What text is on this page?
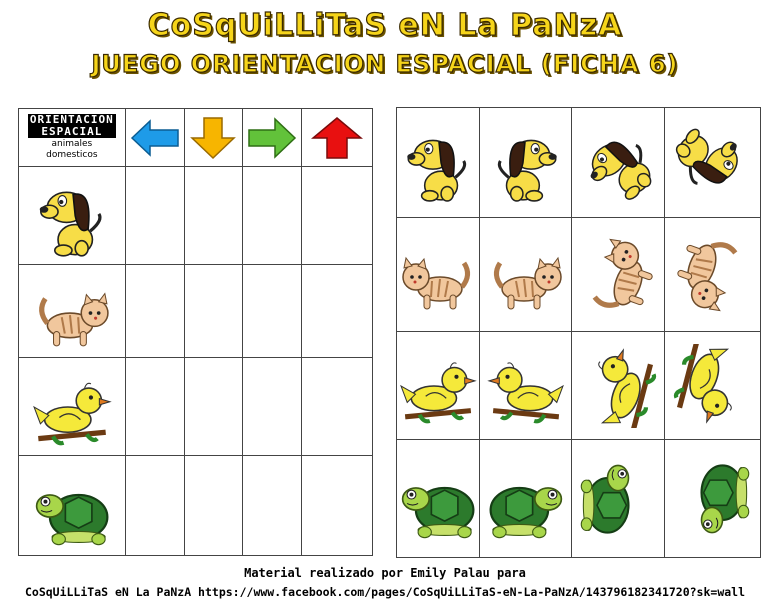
CoSqUiLLiTaS eN La PaNzA
JUEGO ORIENTACION ESPACIAL (FICHA 6)
ORIENTACION
ESPACIAL
animales
domesticos

Material realizado por Emily Palau para
CoSqUiLLiTaS eN La PaNzA https://www.facebook.com/pages/CoSqUiLLiTaS-eN-La-PaNzA/143796182341720?sk=wall
